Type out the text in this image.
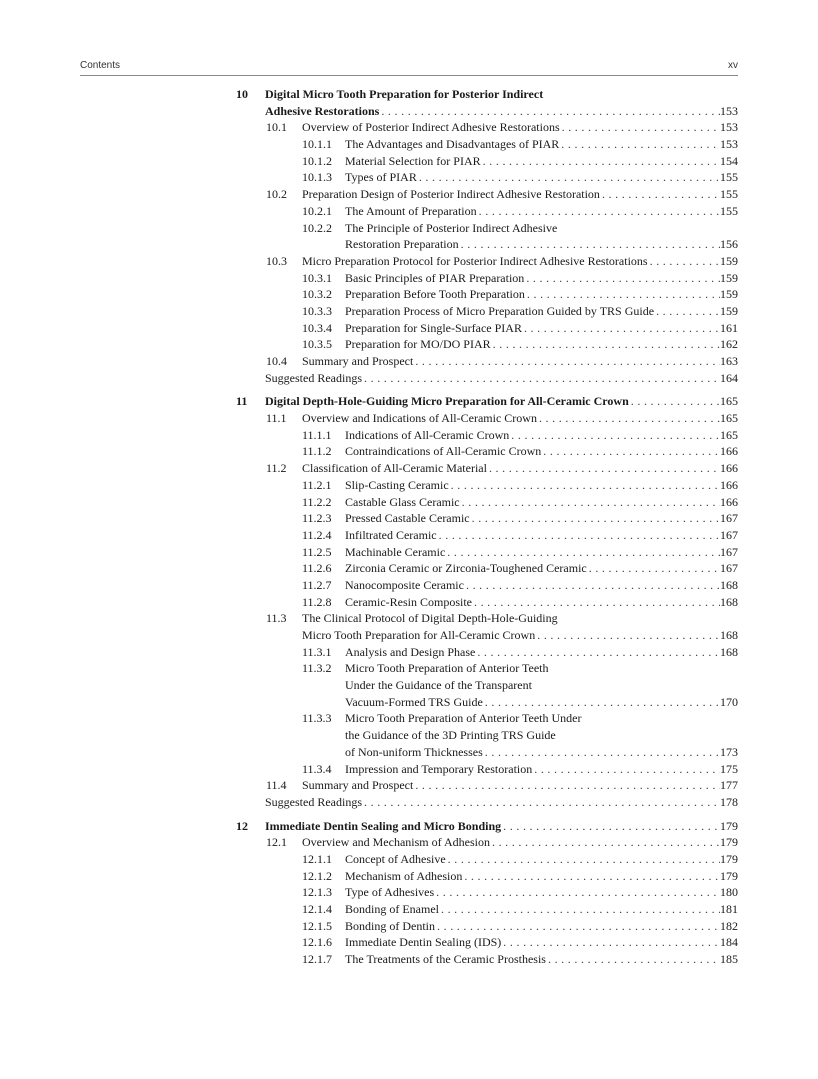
Contents	xv
10 Digital Micro Tooth Preparation for Posterior Indirect
Adhesive Restorations . . .	153
10.1 Overview of Posterior Indirect Adhesive Restorations . . .	153
10.1.1 The Advantages and Disadvantages of PIAR . . .	153
10.1.2 Material Selection for PIAR . . .	154
10.1.3 Types of PIAR . . .	155
10.2 Preparation Design of Posterior Indirect Adhesive Restoration . . .	155
10.2.1 The Amount of Preparation . . .	155
10.2.2 The Principle of Posterior Indirect Adhesive
Restoration Preparation . . .	156
10.3 Micro Preparation Protocol for Posterior Indirect Adhesive Restorations . . .	159
10.3.1 Basic Principles of PIAR Preparation . . .	159
10.3.2 Preparation Before Tooth Preparation . . .	159
10.3.3 Preparation Process of Micro Preparation Guided by TRS Guide . . .	159
10.3.4 Preparation for Single-Surface PIAR . . .	161
10.3.5 Preparation for MO/DO PIAR . . .	162
10.4 Summary and Prospect . . .	163
Suggested Readings . . .	164
11 Digital Depth-Hole-Guiding Micro Preparation for All-Ceramic Crown . . .	165
11.1 Overview and Indications of All-Ceramic Crown . . .	165
11.1.1 Indications of All-Ceramic Crown . . .	165
11.1.2 Contraindications of All-Ceramic Crown . . .	166
11.2 Classification of All-Ceramic Material . . .	166
11.2.1 Slip-Casting Ceramic . . .	166
11.2.2 Castable Glass Ceramic . . .	166
11.2.3 Pressed Castable Ceramic . . .	167
11.2.4 Infiltrated Ceramic . . .	167
11.2.5 Machinable Ceramic . . .	167
11.2.6 Zirconia Ceramic or Zirconia-Toughened Ceramic . . .	167
11.2.7 Nanocomposite Ceramic . . .	168
11.2.8 Ceramic-Resin Composite . . .	168
11.3 The Clinical Protocol of Digital Depth-Hole-Guiding
Micro Tooth Preparation for All-Ceramic Crown . . .	168
11.3.1 Analysis and Design Phase . . .	168
11.3.2 Micro Tooth Preparation of Anterior Teeth
Under the Guidance of the Transparent
Vacuum-Formed TRS Guide . . .	170
11.3.3 Micro Tooth Preparation of Anterior Teeth Under
the Guidance of the 3D Printing TRS Guide
of Non-uniform Thicknesses . . .	173
11.3.4 Impression and Temporary Restoration . . .	175
11.4 Summary and Prospect . . .	177
Suggested Readings . . .	178
12 Immediate Dentin Sealing and Micro Bonding . . .	179
12.1 Overview and Mechanism of Adhesion . . .	179
12.1.1 Concept of Adhesive . . .	179
12.1.2 Mechanism of Adhesion . . .	179
12.1.3 Type of Adhesives . . .	180
12.1.4 Bonding of Enamel . . .	181
12.1.5 Bonding of Dentin . . .	182
12.1.6 Immediate Dentin Sealing (IDS) . . .	184
12.1.7 The Treatments of the Ceramic Prosthesis . . .	185
